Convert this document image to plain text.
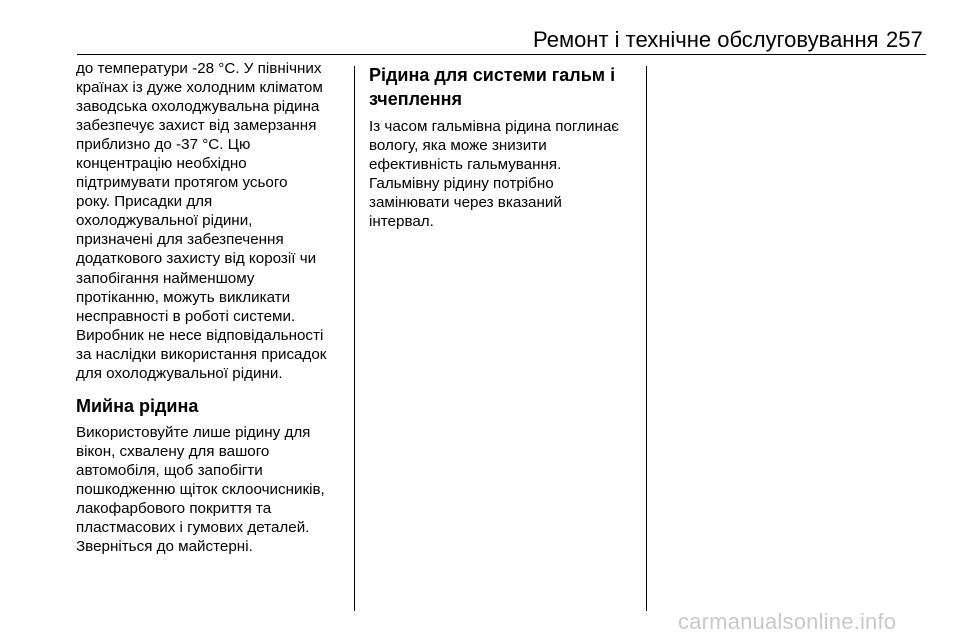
Ремонт і технічне обслуговування 257
до температури -28 °C. У північних
країнах із дуже холодним кліматом
заводська охолоджувальна рідина
забезпечує захист від замерзання
приблизно до -37 °C. Цю
концентрацію необхідно
підтримувати протягом усього
року. Присадки для
охолоджувальної рідини,
призначені для забезпечення
додаткового захисту від корозії чи
запобігання найменшому
протіканню, можуть викликати
несправності в роботі системи.
Виробник не несе відповідальності
за наслідки використання присадок
для охолоджувальної рідини.
Мийна рідина
Використовуйте лише рідину для
вікон, схвалену для вашого
автомобіля, щоб запобігти
пошкодженню щіток склоочисників,
лакофарбового покриття та
пластмасових і гумових деталей.
Зверніться до майстерні.
Рідина для системи гальм і
зчеплення
Із часом гальмівна рідина поглинає
вологу, яка може знизити
ефективність гальмування.
Гальмівну рідину потрібно
замінювати через вказаний
інтервал.
carmanualsonline.info
